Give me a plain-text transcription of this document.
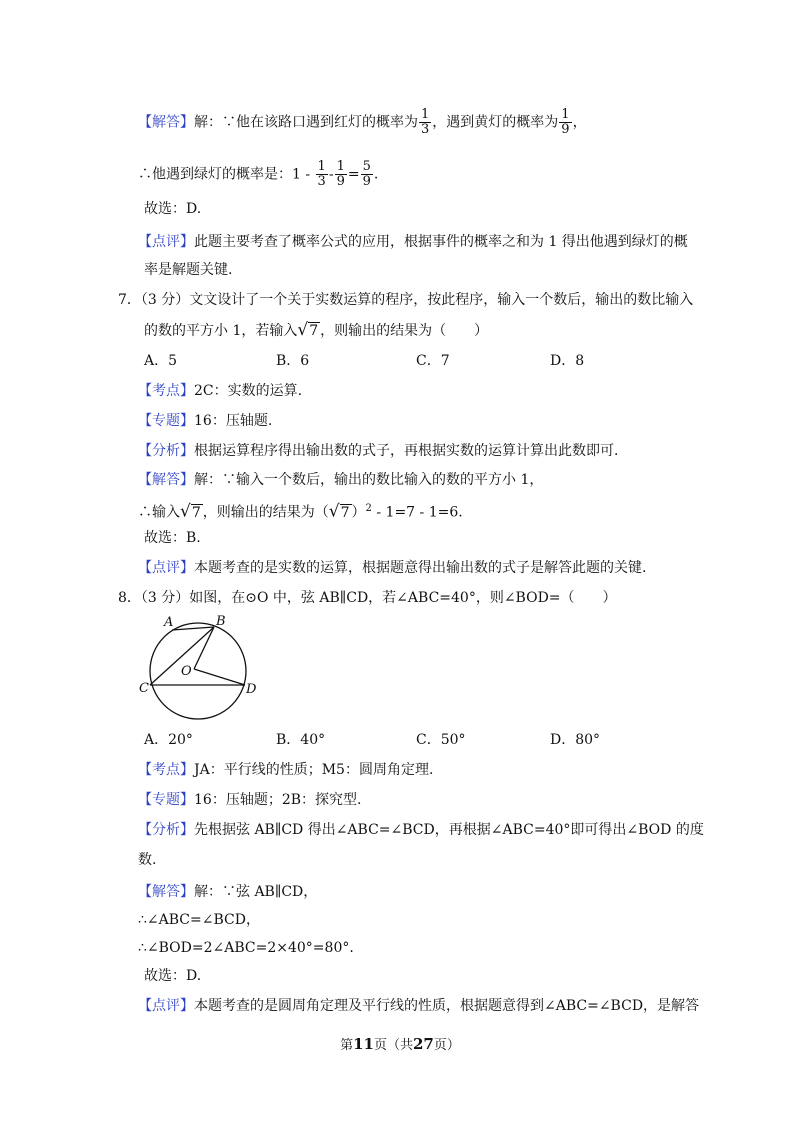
【解答】解：∵他在该路口遇到红灯的概率为 $\frac{1}{3}$ ，遇到黄灯的概率为 $\frac{1}{9}$ ，
∴他遇到绿灯的概率是：$1 - \frac{1}{3} - \frac{1}{9} = \frac{5}{9}$ .
故选：D.
【点评】此题主要考查了概率公式的应用，根据事件的概率之和为 1 得出他遇到绿灯的概
率是解题关键.
7．（3 分）文文设计了一个关于实数运算的程序，按此程序，输入一个数后，输出的数比输入
的数的平方小 1，若输入√7 ，则输出的结果为（　　）
A．5	B．6	C．7	D．8
【考点】2C：实数的运算.
【专题】16：压轴题.
【分析】根据运算程序得出输出数的式子，再根据实数的运算计算出此数即可.
【解答】解：∵输入一个数后，输出的数比输入的数的平方小 1，
∴输入√7 ，则输出的结果为（√7 ）$^2$ - 1=7 - 1=6.
故选：B.
【点评】本题考查的是实数的运算，根据题意得出输出数的式子是解答此题的关键.
8．（3 分）如图，在⊙O 中，弦 AB∥CD，若∠ABC=40°，则∠BOD=（　　）
A	B
C	D
O
A．20°	B．40°	C．50°	D．80°
【考点】JA：平行线的性质；M5：圆周角定理.
【专题】16：压轴题；2B：探究型.
【分析】先根据弦 AB∥CD 得出∠ABC=∠BCD，再根据∠ABC=40°即可得出∠BOD 的度
数.
【解答】解：∵弦 AB∥CD，
∴∠ABC=∠BCD，
∴∠BOD=2∠ABC=2×40°=80°.
故选：D.
【点评】本题考查的是圆周角定理及平行线的性质，根据题意得到∠ABC=∠BCD，是解答
第11页（共27页）
